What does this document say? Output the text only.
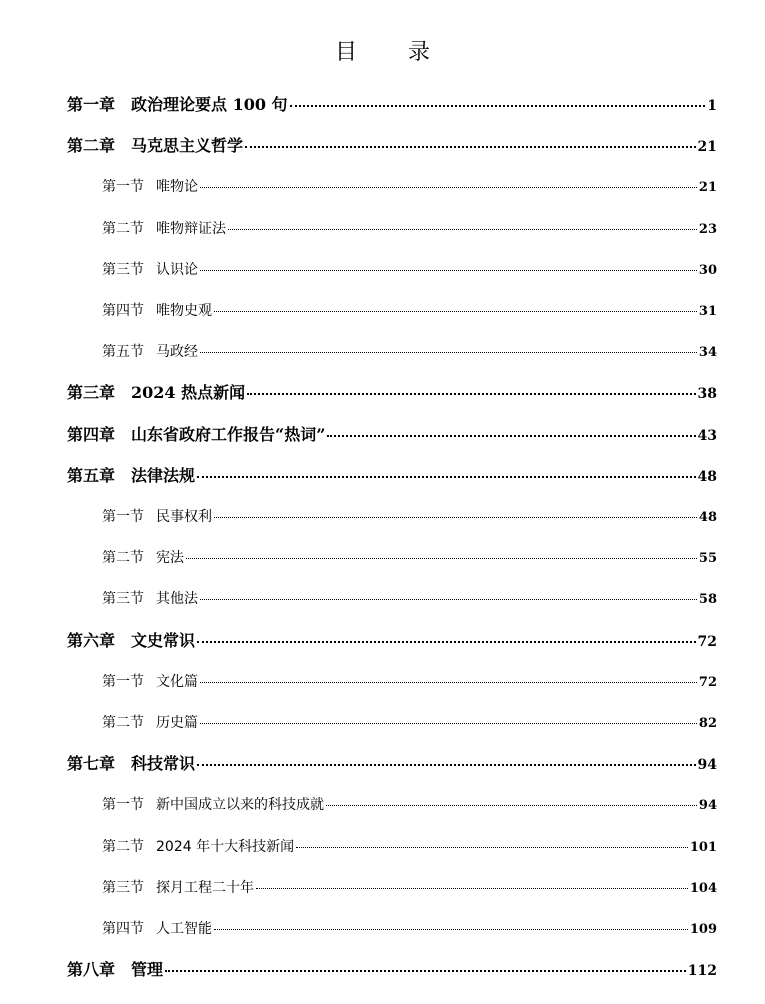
目 录
第一章 政治理论要点 100 句	1
第二章 马克思主义哲学	21
第一节 唯物论	21
第二节 唯物辩证法	23
第三节 认识论	30
第四节 唯物史观	31
第五节 马政经	34
第三章 2024 热点新闻	38
第四章 山东省政府工作报告“热词”	43
第五章 法律法规	48
第一节 民事权利	48
第二节 宪法	55
第三节 其他法	58
第六章 文史常识	72
第一节 文化篇	72
第二节 历史篇	82
第七章 科技常识	94
第一节 新中国成立以来的科技成就	94
第二节 2024 年十大科技新闻	101
第三节 探月工程二十年	104
第四节 人工智能	109
第八章 管理	112
